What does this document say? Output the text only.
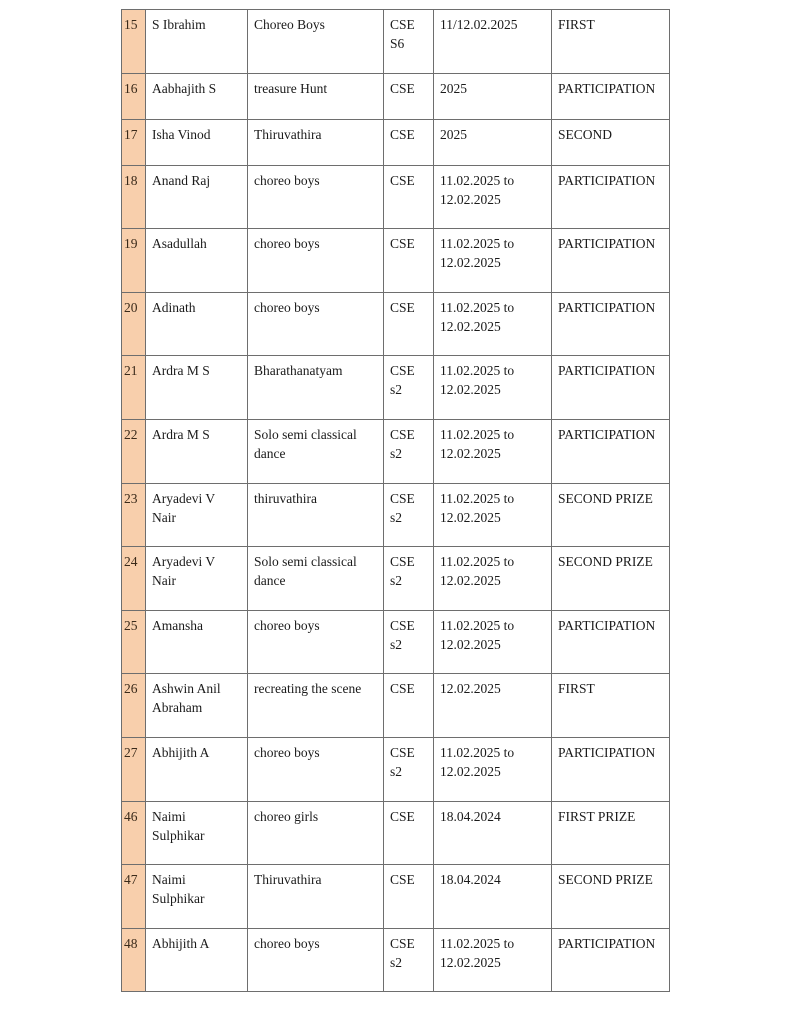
15	S Ibrahim	Choreo Boys	CSE
S6	11/12.02.2025	FIRST
16	Aabhajith S	treasure Hunt	CSE	2025	PARTICIPATION
17	Isha Vinod	Thiruvathira	CSE	2025	SECOND
18	Anand Raj	choreo boys	CSE	11.02.2025 to
12.02.2025	PARTICIPATION
19	Asadullah	choreo boys	CSE	11.02.2025 to
12.02.2025	PARTICIPATION
20	Adinath	choreo boys	CSE	11.02.2025 to
12.02.2025	PARTICIPATION
21	Ardra M S	Bharathanatyam	CSE
s2	11.02.2025 to
12.02.2025	PARTICIPATION
22	Ardra M S	Solo semi classical
dance	CSE
s2	11.02.2025 to
12.02.2025	PARTICIPATION
23	Aryadevi V
Nair	thiruvathira	CSE
s2	11.02.2025 to
12.02.2025	SECOND PRIZE
24	Aryadevi V
Nair	Solo semi classical
dance	CSE
s2	11.02.2025 to
12.02.2025	SECOND PRIZE
25	Amansha	choreo boys	CSE
s2	11.02.2025 to
12.02.2025	PARTICIPATION
26	Ashwin Anil
Abraham	recreating the scene	CSE	12.02.2025	FIRST
27	Abhijith A	choreo boys	CSE
s2	11.02.2025 to
12.02.2025	PARTICIPATION
46	Naimi
Sulphikar	choreo girls	CSE	18.04.2024	FIRST PRIZE
47	Naimi
Sulphikar	Thiruvathira	CSE	18.04.2024	SECOND PRIZE
48	Abhijith A	choreo boys	CSE
s2	11.02.2025 to
12.02.2025	PARTICIPATION
